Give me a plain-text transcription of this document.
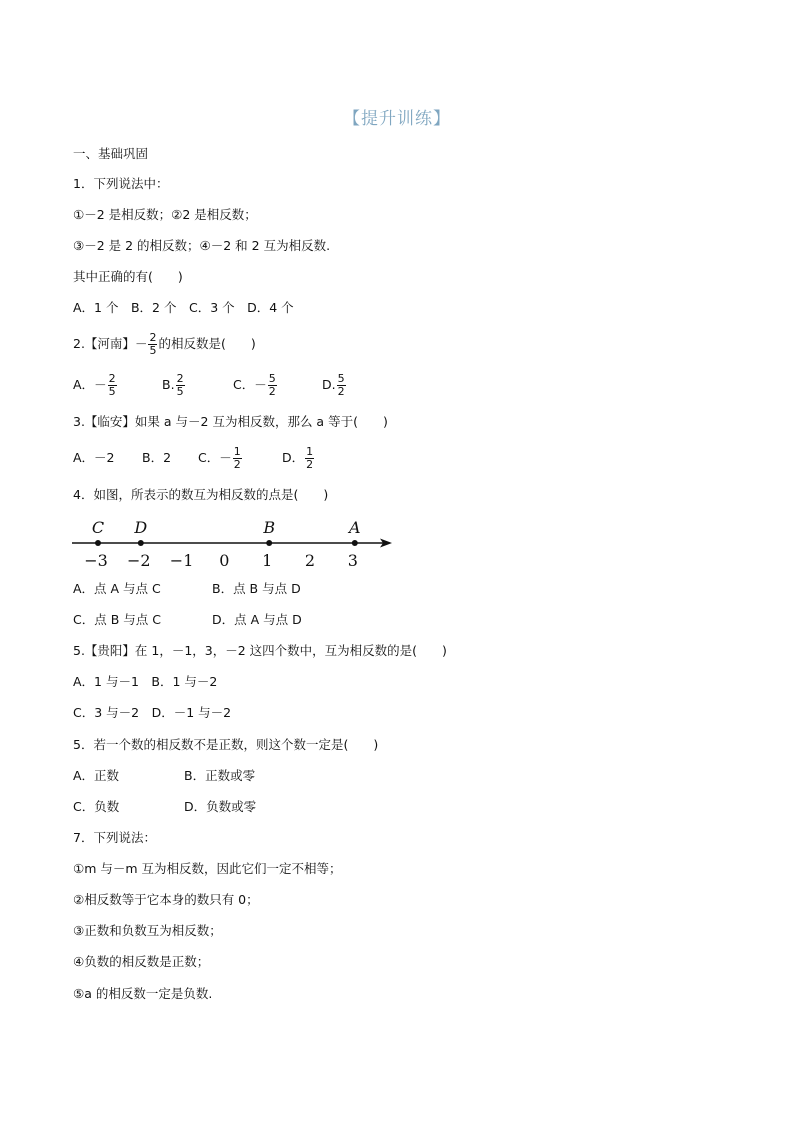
【提升训练】
一、基础巩固
1．下列说法中：
①－2 是相反数；②2 是相反数；
③－2 是 2 的相反数；④－2 和 2 互为相反数.
其中正确的有(　　)
A．1 个　B．2 个　C．3 个　D．4 个
2.【河南】－ $\frac{2}{5}$ 的相反数是(　　)
A．－ $\frac{2}{5}$	B. $\frac{2}{5}$	C．－ $\frac{5}{2}$	D. $\frac{5}{2}$
3.【临安】如果 a 与－2 互为相反数，那么 a 等于(　　)
A．－2 B．2 C．－ $\frac{1}{2}$	D． $\frac{1}{2}$
4．如图，所表示的数互为相反数的点是(　　)
−3 −2 −1 0 1 2 3
C D	B	A
A．点 A 与点 C	B．点 B 与点 D
C．点 B 与点 C	D．点 A 与点 D
5.【贵阳】在 1，－1，3，－2 这四个数中，互为相反数的是(　　)
A．1 与－1　B．1 与－2
C．3 与－2　D．－1 与－2
5．若一个数的相反数不是正数，则这个数一定是(　　)
A．正数	B．正数或零
C．负数	D．负数或零
7．下列说法：
①m 与－m 互为相反数，因此它们一定不相等；
②相反数等于它本身的数只有 0；
③正数和负数互为相反数；
④负数的相反数是正数；
⑤a 的相反数一定是负数.
